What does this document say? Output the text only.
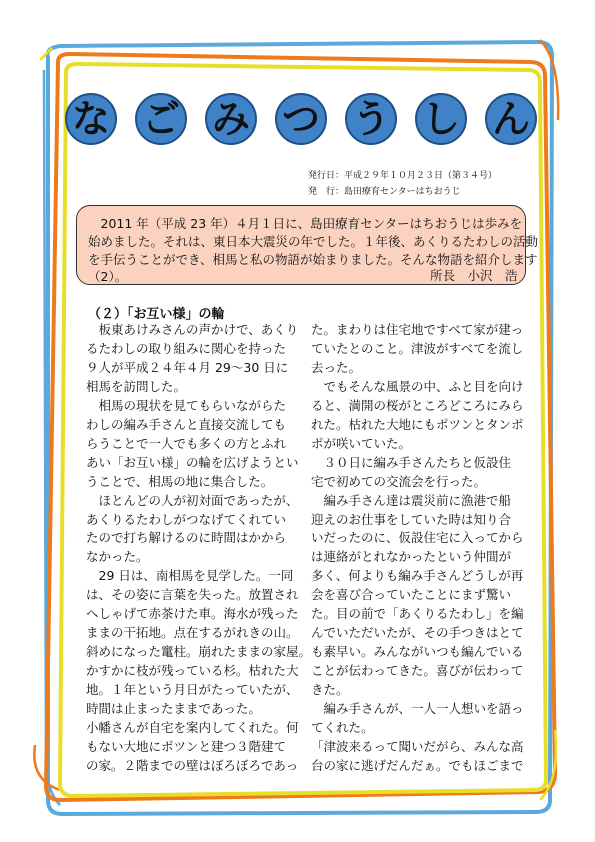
な ご み つ う し ん
発行日：平成２９年１０月２３日（第３４号）
発　行：島田療育センターはちおうじ
　2011 年（平成 23 年）４月１日に、島田療育センターはちおうじは歩みを
始めました。それは、東日本大震災の年でした。１年後、あくりるたわしの活動
を手伝うことができ、相馬と私の物語が始まりました。そんな物語を紹介します
（2）。	所長　小沢　浩
（２）「お互い様」の輪
　板東あけみさんの声かけで、あくり
るたわしの取り組みに関心を持った
９人が平成２４年４月 29～30 日に
相馬を訪問した。
　相馬の現状を見てもらいながらた
わしの編み手さんと直接交流しても
らうことで一人でも多くの方とふれ
あい「お互い様」の輪を広げようとい
うことで、相馬の地に集合した。
　ほとんどの人が初対面であったが、
あくりるたわしがつなげてくれてい
たので打ち解けるのに時間はかから
なかった。
　29 日は、南相馬を見学した。一同
は、その姿に言葉を失った。放置され
へしゃげて赤茶けた車。海水が残った
ままの干拓地。点在するがれきの山。
斜めになった竃柱。崩れたままの家屋。
かすかに枝が残っている杉。枯れた大
地。１年という月日がたっていたが、
時間は止まったままであった。
小幡さんが自宅を案内してくれた。何
もない大地にポツンと建つ３階建て
の家。２階までの壁はぼろぼろであっ
た。まわりは住宅地ですべて家が建っ
ていたとのこと。津波がすべてを流し
去った。
　でもそんな風景の中、ふと目を向け
ると、満開の桜がところどころにみら
れた。枯れた大地にもポツンとタンポ
ポが咲いていた。
　３０日に編み手さんたちと仮設住
宅で初めての交流会を行った。
　編み手さん達は震災前に漁港で船
迎えのお仕事をしていた時は知り合
いだったのに、仮設住宅に入ってから
は連絡がとれなかったという仲間が
多く、何よりも編み手さんどうしが再
会を喜び合っていたことにまず驚い
た。目の前で「あくりるたわし」を編
んでいただいたが、その手つきはとて
も素早い。みんながいつも編んでいる
ことが伝わってきた。喜びが伝わって
きた。
　編み手さんが、一人一人想いを語っ
てくれた。
「津波来るって聞いだがら、みんな高
台の家に逃げだんだぁ。でもほごまで
